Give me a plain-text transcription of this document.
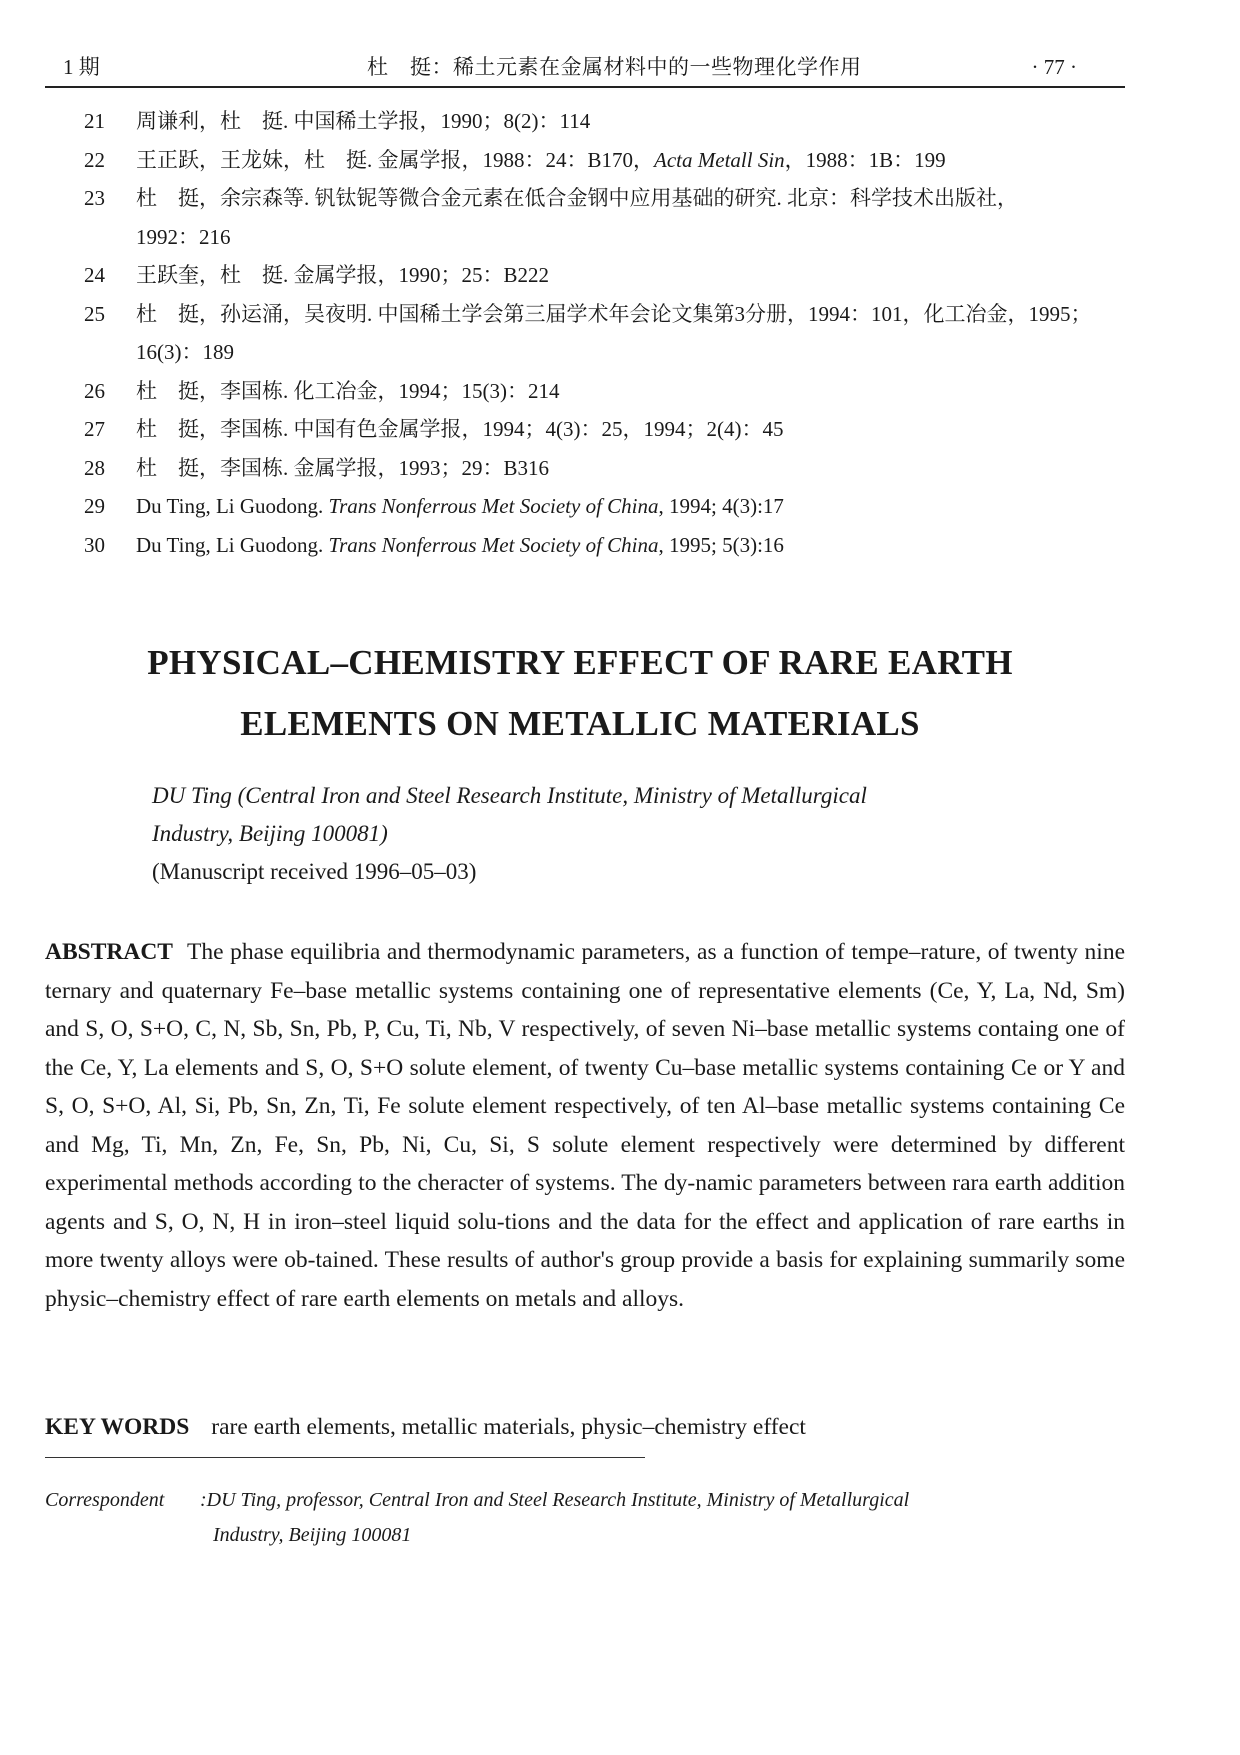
1 期	杜　挺：稀土元素在金属材料中的一些物理化学作用	· 77 ·
21	周谦利，杜　挺. 中国稀土学报，1990；8(2)：114
22	王正跃，王龙妹，杜　挺. 金属学报，1988：24：B170，Acta Metall Sin，1988：1B：199
23	杜　挺，余宗森等. 钒钛铌等微合金元素在低合金钢中应用基础的研究. 北京：科学技术出版社，
1992：216
24	王跃奎，杜　挺. 金属学报，1990；25：B222
25	杜　挺，孙运涌，吴夜明. 中国稀土学会第三届学术年会论文集第3分册，1994：101，化工冶金，1995；
16(3)：189
26	杜　挺，李国栋. 化工冶金，1994；15(3)：214
27	杜　挺，李国栋. 中国有色金属学报，1994；4(3)：25，1994；2(4)：45
28	杜　挺，李国栋. 金属学报，1993；29：B316
29	Du Ting, Li Guodong. Trans Nonferrous Met Society of China, 1994; 4(3):17
30	Du Ting, Li Guodong. Trans Nonferrous Met Society of China, 1995; 5(3):16
PHYSICAL–CHEMISTRY EFFECT OF RARE EARTH
ELEMENTS ON METALLIC MATERIALS
DU Ting (Central Iron and Steel Research Institute, Ministry of Metallurgical
Industry, Beijing 100081)
(Manuscript received 1996–05–03)
ABSTRACT The phase equilibria and thermodynamic parameters, as a function of tempe–rature, of twenty nine ternary and quaternary Fe–base metallic systems containing one of representative elements (Ce, Y, La, Nd, Sm) and S, O, S+O, C, N, Sb, Sn, Pb, P, Cu, Ti, Nb, V respectively, of seven Ni–base metallic systems containg one of the Ce, Y, La elements and S, O, S+O solute element, of twenty Cu–base metallic systems containing Ce or Y and S, O, S+O, Al, Si, Pb, Sn, Zn, Ti, Fe solute element respectively, of ten Al–base metallic systems containing Ce and Mg, Ti, Mn, Zn, Fe, Sn, Pb, Ni, Cu, Si, S solute element respectively were determined by different experimental methods according to the cheracter of systems. The dy-namic parameters between rara earth addition agents and S, O, N, H in iron–steel liquid solu-tions and the data for the effect and application of rare earths in more twenty alloys were ob-tained. These results of author's group provide a basis for explaining summarily some physic–chemistry effect of rare earth elements on metals and alloys.
KEY WORDS rare earth elements, metallic materials, physic–chemistry effect
Correspondent :DU Ting, professor, Central Iron and Steel Research Institute, Ministry of Metallurgical
Industry, Beijing 100081
